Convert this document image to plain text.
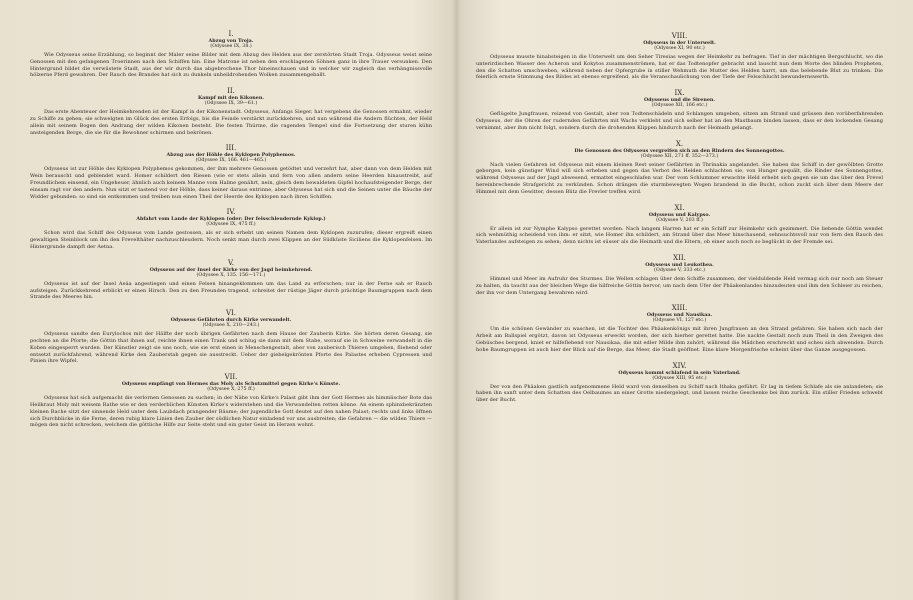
I.

Abzug von Troja.

(Odyssee IX, 38.)

Wie Odysseus seine Erzählung, so beginnt der Maler seine Bilder mit dem Abzug des Helden aus der zerstörten Stadt Troja. Odysseus weist seine Genossen mit den gefangenen Troerinnen nach den Schiffen hin. Eine Matrone ist neben den erschlagenen Söhnen ganz in ihre Trauer versunken. Den Hintergrund bildet die verwüstete Stadt, aus der wir durch das abgebrochene Thor hineinschauen und in welcher wir zugleich das verhängnissvolle hölzerne Pferd gewahren. Der Rauch des Brandes hat sich zu dunkeln unheildrohenden Wolken zusammengeballt.

II.

Kampf mit den Kikonen.

(Odyssee IX, 39—61.)

Das erste Abenteuer der Heimkehrenden ist der Kampf in der Kikonenstadt. Odysseus, Anfangs Sieger, hat vergebens die Genossen ermahnt, wieder zu Schiffe zu gehen; sie schwelgten im Glück des ersten Erfolgs, bis die Feinde verstärkt zurückkehren, und nun während die Andern flüchten, der Held allein mit seinem Bogen den Andrang der wilden Kikonen besteht. Die festen Thürme, die ragenden Tempel sind die Fortsetzung der sturen kühn ansteigenden Berge, die sie für die Bewohner schirmen und bekrönen.

III.

Abzug aus der Höhle des Kyklopen Polyphemos.

(Odyssee IX, 166. 461—465.)

Odysseus ist zur Höhle des Kyklopen Polyphemos gekommen, der ihm mehrere Genossen getödtet und verzehrt hat, aber dann von dem Helden mit Wein berauscht und geblendet ward. Homer schildert den Riesen (wie er stets allein und fern von allen andern seine Heerden hinaustreibt, auf Freundlichem einsend, ein Ungeheuer, ähnlich auch keinem Manne vom Halme genährt, nein, gleich dem bewaldeten Gipfel hochaufsteigender Berge, der einsam ragt vor den andern. Nun sitzt er tastend vor der Höhle, dass keiner daraus entrinne, aber Odysseus hat sich und die Seinen unter die Bäuche der Widder gebunden: so sind sie entkommen und treiben nun einen Theil der Heerde des Kyklopen nach ihren Schiffen.

IV.

Abfahrt vom Lande der Kyklopen (oder: Der felsschleudernde Kyklop.)

(Odyssee IX, 475 ff.)

Schon wird das Schiff des Odysseus vom Lande gestossen, als er sich erhebt um seinen Namen dem Kyklopen zuzurufen; dieser ergreift einen gewaltigen Steinblock um ihn den Frevelthäter nachzuschleudern. Noch senkt man durch zwei Klippen an der Südküste Siciliens die Kyklopenfelsen. Im Hintergrunde dampft der Aetna.

V.

Odysseus auf der Insel der Kirke von der Jagd heimkehrend.

(Odyssee X, 135. 156—171.)

Odysseus ist auf der Insel Aeäa angestiegen und einen Felsen hinangeklommen um das Land zu erforschen; nur in der Ferne sah er Rauch aufsteigen. Zurückkehrend erblickt er einen Hirsch. Den zu den Freunden tragend, schreitet der rüstige Jäger durch prächtige Baumgruppen nach dem Strande des Meeres hin.

VI.

Odysseus Gefährten durch Kirke verwandelt.

(Odyssee X, 210—243.)

Odysseus sandte den Eurylochos mit der Hälfte der noch übrigen Gefährten nach dem Hause der Zauberin Kirke. Sie hörten deren Gesang, sie pochten an die Pforte; die Göttin that ihnen auf, reichte ihnen einen Trank und schlug sie dann mit dem Stabe, worauf sie in Schweine verwandelt in die Koben eingesperrt wurden. Der Künstler zeigt sie uns noch, wie sie erst einen in Menschengestalt, aber von zauberisch Thieren umgeben, fliehend oder entsetzt zurückfahrend, während Kirke den Zauberstab gegen sie ausstreckt. Ueber der giebelgekrönten Pforte des Palastes erheben Cypressen und Pinien ihre Wipfel.

VII.

Odysseus empfängt von Hermes das Moly als Schutzmittel gegen Kirke's Künste.

(Odyssee X, 275 ff.)

Odysseus hat sich aufgemacht die verlornen Genossen zu suchen; in der Nähe von Kirke's Palast gibt ihm der Gott Hermes als himmlischer Bote das Heilkraut Moly mit weisem Rathe wie er den verderblichen Künsten Kirke's widerstehen und die Verwandelten retten könne. An einem sphinxbekränzten kleinen Bache sitzt der sinnende Held unter dem Laubdach prangender Bäume; der jugendliche Gott deutet auf den nahen Palast; rechts und links öffnen sich Durchblicke in die Ferne, deren ruhig klare Linien den Zauber der südlichen Natur einladend vor uns ausbreiten; die Gefahren — die wilden Thiere — mögen den nicht schrecken, welchem die göttliche Hilfe zur Seite steht und ein guter Geist im Herzen wohnt.

VIII.

Odysseus in der Unterwelt.

(Odyssee XI, 90 etc.)

Odysseus musste hinabsteigen in die Unterwelt um den Seher Tiresias wegen der Heimkehr zu befragen. Tief in der mächtigen Bergschlucht, wo die unterirdischen Wasser des Acheron und Kokytos zusammenströmen, hat er das Todtenopfer gebracht und lauscht nun dem Worte des blinden Propheten, den die Schatten umschweben, während neben der Opfergrube in stiller Wehmuth die Mutter des Helden harrt, um das belebende Blut zu trinken. Die feierlich ernste Stimmung des Bildes ist ebenso ergreifend, als die Veranschaulichung von der Tiefe der Felsschlucht bewundernswerth.

IX.

Odysseus und die Sirenen.

(Odyssee XII, 166 etc.)

Geflügelte Jungfrauen, reizend von Gestalt, aber von Todtenschädeln und Schlangen umgeben, sitzen am Strand und grüssen den vorüberfahrenden Odysseus, der die Ohren der rudernden Gefährten mit Wachs verklebt und sich selber hat an den Mastbaum binden lassen, dass er den lockenden Gesang vernimmt, aber ihm nicht folgt, sondern durch die drohenden Klippen hindurch nach der Heimath gelangt.

X.

Die Genossen des Odysseus vergreifen sich an den Rindern des Sonnengottes.

(Odyssee XII, 271 ff. 352—373.)

Nach vielen Gefahren ist Odysseus mit einem kleinen Rest seiner Gefährten in Thrinakia angelandet. Sie haben das Schiff in der gewölbten Grotte geborgen, kein günstiger Wind will sich erheben und gegen das Verbot des Helden schlachten sie, von Hunger gequält, die Rinder des Sonnengottes, während Odysseus auf der Jagd abwesend, ermattet eingeschlafen war. Der vom Schlummer erwachte Held erhebt sich gegen sie um das über den Frevel hereinbrechende Strafgericht zu verkünden. Schon drängen die sturmbewegten Wogen brandend in die Bucht, schon zuckt sich über dem Meere der Himmel mit dem Gewitter, dessen Blitz die Frevler treffen wird.

XI.

Odysseus und Kalypso.

(Odyssee V, 203 ff.)

Er allein ist zur Nymphe Kalypso gerettet worden. Nach langem Harren hat er ein Schiff zur Heimkehr sich gezimmert. Die liebende Göttin wendet sich wehmüthig scheidend von ihm: er sitzt, wie Homer ihn schildert, am Strand über das Meer hinschauend, sehnsuchtsvoll nur von fern den Rauch des Vaterlandes aufsteigen zu sehen; denn nichts ist süsser als die Heimath und die Eltern, ob einer auch noch so beglückt in der Fremde sei.

XII.

Odysseus und Leukothea.

(Odyssee V, 333 etc.)

Himmel und Meer im Aufruhr des Sturmes. Die Wellen schlagen über dem Schiffe zusammen, der vielduldende Held vermag sich nur noch am Steuer zu halten, da taucht aus der bleichen Wege die hilfreiche Göttin hervor, um nach dem Ufer der Phäakenlandes hinzudeuten und ihm den Schleier zu reichen, der ihn vor dem Untergang bewahren wird.

XIII.

Odysseus und Nausikaa.

(Odyssee VI, 127 etc.)

Um die schönen Gewänder zu waschen, ist die Tochter des Phäakenkönigs mit ihren Jungfrauen an den Strand gefahren. Sie haben sich nach der Arbeit am Ballspiel ergötzt, davon ist Odysseus erweckt worden, der sich hierher gerettet hatte. Die nackte Gestalt noch zum Theil in den Zweigen des Gebüsches bergend, kniet er hilfeflehend vor Nausikaa, die mit edler Milde ihm zuhört, während die Mädchen erschreckt und scheu sich abwenden. Durch hohe Baumgruppen ist auch hier der Blick auf die Berge, das Meer, die Stadt geöffnet. Eine klare Morgenfrische scheint über das Ganze ausgegossen.

XIV.

Odysseus kommt schlafend in sein Vaterland.

(Odyssee XIII, 95 etc.)

Der von den Phäaken gastlich aufgenommene Held ward von denselben zu Schiff nach Ithaka geführt. Er lag in tiefem Schlafe als sie anlandeten; sie haben ihn sanft unter dem Schatten des Oelbaumes an einer Grotte niedergelegt, und lassen reiche Geschenke bei ihm zurück. Ein stiller Frieden schwebt über der Bucht.
